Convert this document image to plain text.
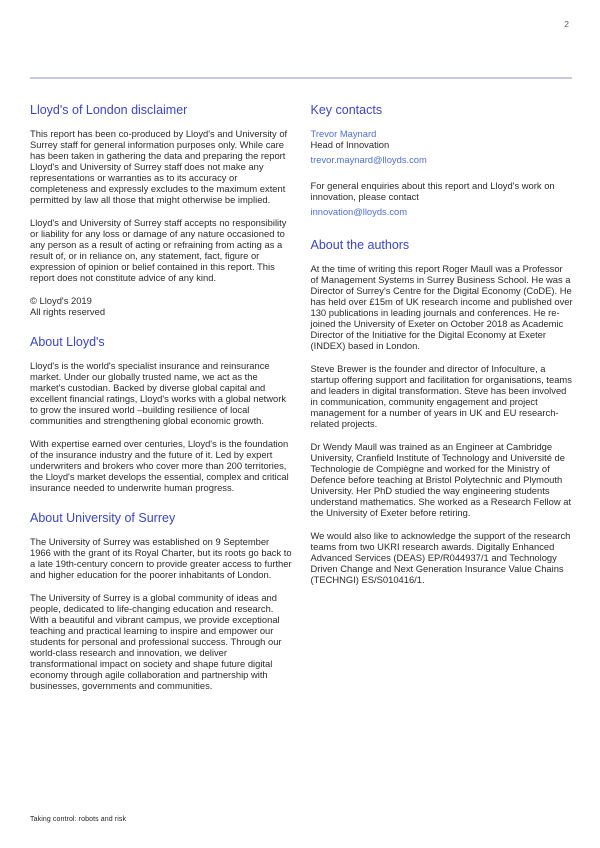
2
Lloyd's of London disclaimer

This report has been co-produced by Lloyd's and University of Surrey staff for general information purposes only. While care has been taken in gathering the data and preparing the report Lloyd's and University of Surrey staff does not make any representations or warranties as to its accuracy or completeness and expressly excludes to the maximum extent permitted by law all those that might otherwise be implied.

Lloyd's and University of Surrey staff accepts no responsibility or liability for any loss or damage of any nature occasioned to any person as a result of acting or refraining from acting as a result of, or in reliance on, any statement, fact, figure or expression of opinion or belief contained in this report. This report does not constitute advice of any kind.

© Lloyd's 2019
All rights reserved
About Lloyd's

Lloyd's is the world's specialist insurance and reinsurance market. Under our globally trusted name, we act as the market's custodian. Backed by diverse global capital and excellent financial ratings, Lloyd's works with a global network to grow the insured world –building resilience of local communities and strengthening global economic growth.

With expertise earned over centuries, Lloyd's is the foundation of the insurance industry and the future of it. Led by expert underwriters and brokers who cover more than 200 territories, the Lloyd's market develops the essential, complex and critical insurance needed to underwrite human progress.

About University of Surrey

The University of Surrey was established on 9 September 1966 with the grant of its Royal Charter, but its roots go back to a late 19th-century concern to provide greater access to further and higher education for the poorer inhabitants of London.

The University of Surrey is a global community of ideas and people, dedicated to life-changing education and research. With a beautiful and vibrant campus, we provide exceptional teaching and practical learning to inspire and empower our students for personal and professional success. Through our world-class research and innovation, we deliver transformational impact on society and shape future digital economy through agile collaboration and partnership with businesses, governments and communities.

Key contacts
Trevor Maynard
Head of Innovation
trevor.maynard@lloyds.com

For general enquiries about this report and Lloyd's work on innovation, please contact

innovation@lloyds.com
About the authors

At the time of writing this report Roger Maull was a Professor of Management Systems in Surrey Business School. He was a Director of Surrey's Centre for the Digital Economy (CoDE). He has held over £15m of UK research income and published over 130 publications in leading journals and conferences. He re-joined the University of Exeter on October 2018 as Academic Director of the Initiative for the Digital Economy at Exeter (INDEX) based in London.

Steve Brewer is the founder and director of Infoculture, a startup offering support and facilitation for organisations, teams and leaders in digital transformation. Steve has been involved in communication, community engagement and project management for a number of years in UK and EU research-related projects.

Dr Wendy Maull was trained as an Engineer at Cambridge University, Cranfield Institute of Technology and Université de Technologie de Compiègne and worked for the Ministry of Defence before teaching at Bristol Polytechnic and Plymouth University. Her PhD studied the way engineering students understand mathematics. She worked as a Research Fellow at the University of Exeter before retiring.

We would also like to acknowledge the support of the research teams from two UKRI research awards. Digitally Enhanced Advanced Services (DEAS) EP/R044937/1 and Technology Driven Change and Next Generation Insurance Value Chains (TECHNGI) ES/S010416/1.

Taking control: robots and risk
